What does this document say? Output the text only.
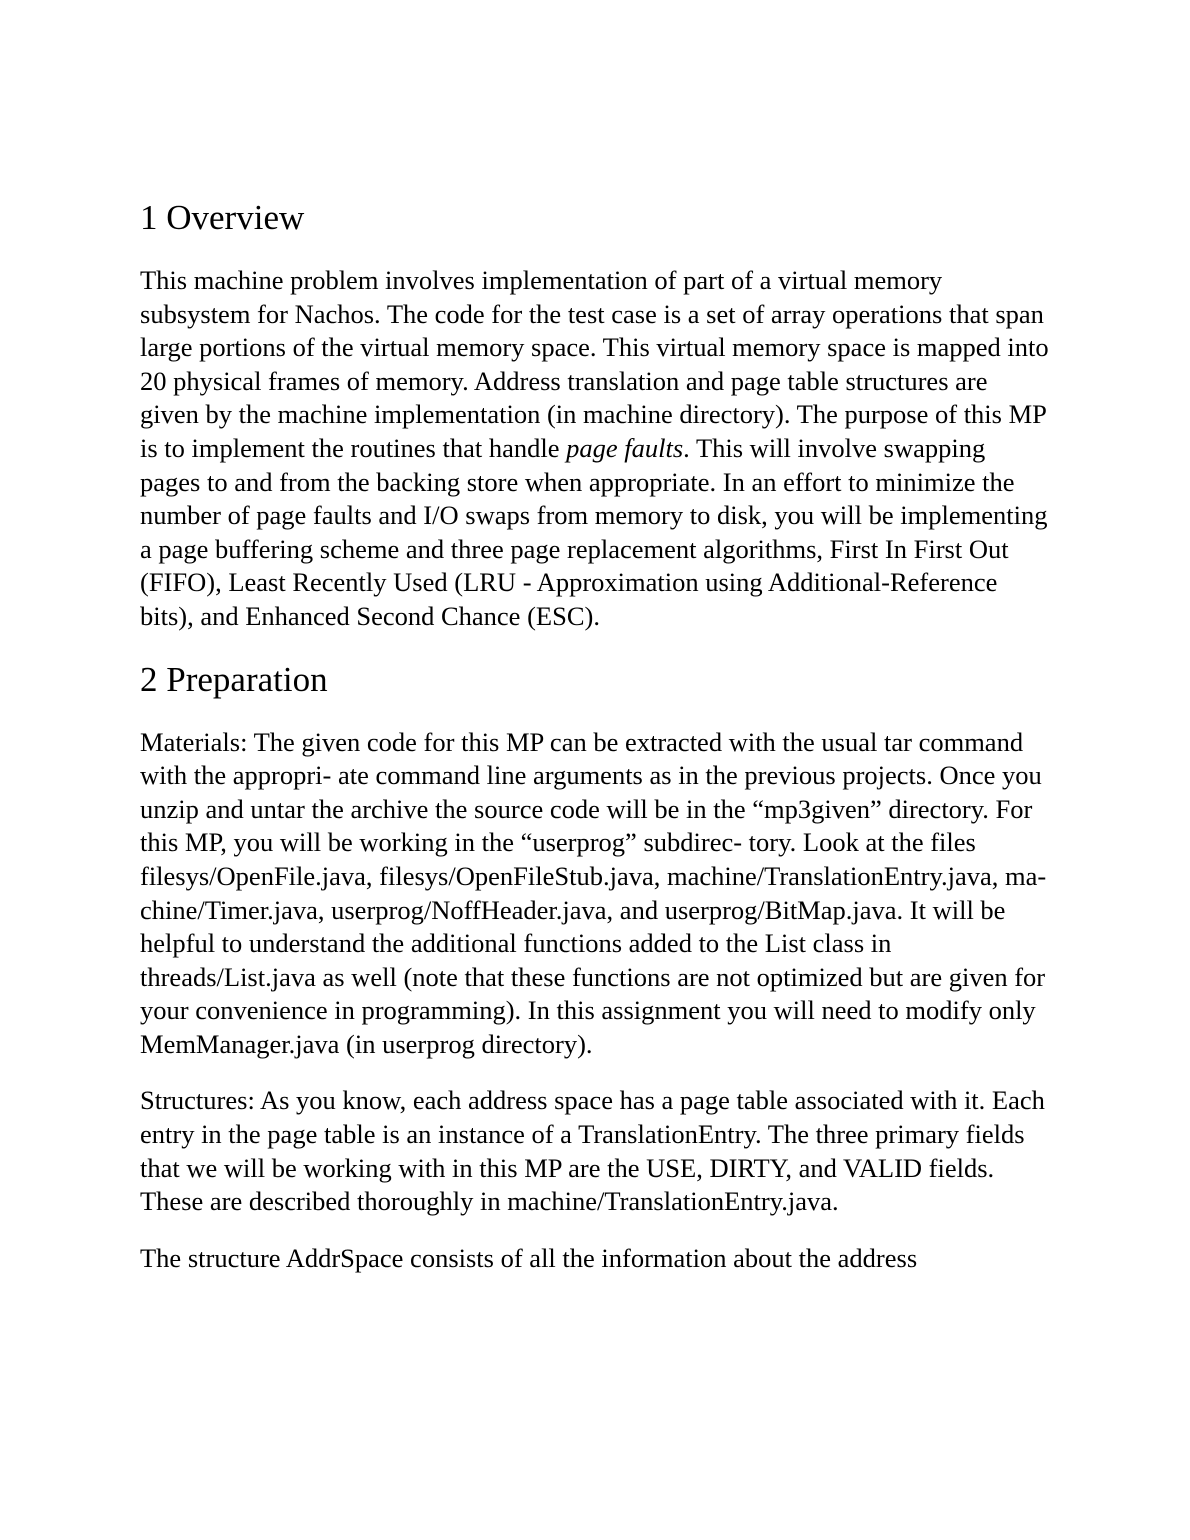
1 Overview

This machine problem involves implementation of part of a virtual memory subsystem for Nachos. The code for the test case is a set of array operations that span large portions of the virtual memory space. This virtual memory space is mapped into 20 physical frames of memory. Address translation and page table structures are given by the machine implementation (in machine directory). The purpose of this MP is to implement the routines that handle page faults. This will involve swapping pages to and from the backing store when appropriate. In an effort to minimize the number of page faults and I/O swaps from memory to disk, you will be implementing a page buffering scheme and three page replacement algorithms, First In First Out (FIFO), Least Recently Used (LRU - Approximation using Additional-Reference bits), and Enhanced Second Chance (ESC).

2 Preparation

Materials: The given code for this MP can be extracted with the usual tar command with the appropri- ate command line arguments as in the previous projects. Once you unzip and untar the archive the source code will be in the “mp3given” directory. For this MP, you will be working in the “userprog” subdirec- tory. Look at the files filesys/OpenFile.java, filesys/OpenFileStub.java, machine/TranslationEntry.java, ma- chine/Timer.java, userprog/NoffHeader.java, and userprog/BitMap.java. It will be helpful to understand the additional functions added to the List class in threads/List.java as well (note that these functions are not optimized but are given for your convenience in programming). In this assignment you will need to modify only MemManager.java (in userprog directory).

Structures: As you know, each address space has a page table associated with it. Each entry in the page table is an instance of a TranslationEntry. The three primary fields that we will be working with in this MP are the USE, DIRTY, and VALID fields. These are described thoroughly in machine/TranslationEntry.java.

The structure AddrSpace consists of all the information about the address
